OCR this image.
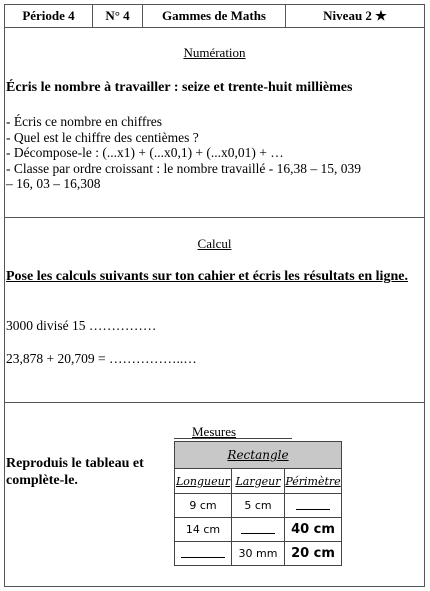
Période 4	N° 4	Gammes de Maths	Niveau 2 ★
Numération
Écris le nombre à travailler : seize et trente-huit millièmes
- Écris ce nombre en chiffres
- Quel est le chiffre des centièmes ?
- Décompose-le : (...x1) + (...x0,1) + (...x0,01) + …
- Classe par ordre croissant : le nombre travaillé - 16,38 – 15, 039
– 16, 03 – 16,308
Calcul
Pose les calculs suivants sur ton cahier et écris les résultats en ligne.
3000 divisé 15 ……………
23,878 + 20,709 = ……………..…
Mesures
Reproduis le tableau et complète-le.
Rectangle		
Longueur	Largeur	Périmètre
9 cm	5 cm	
14 cm		40 cm
	30 mm	20 cm
